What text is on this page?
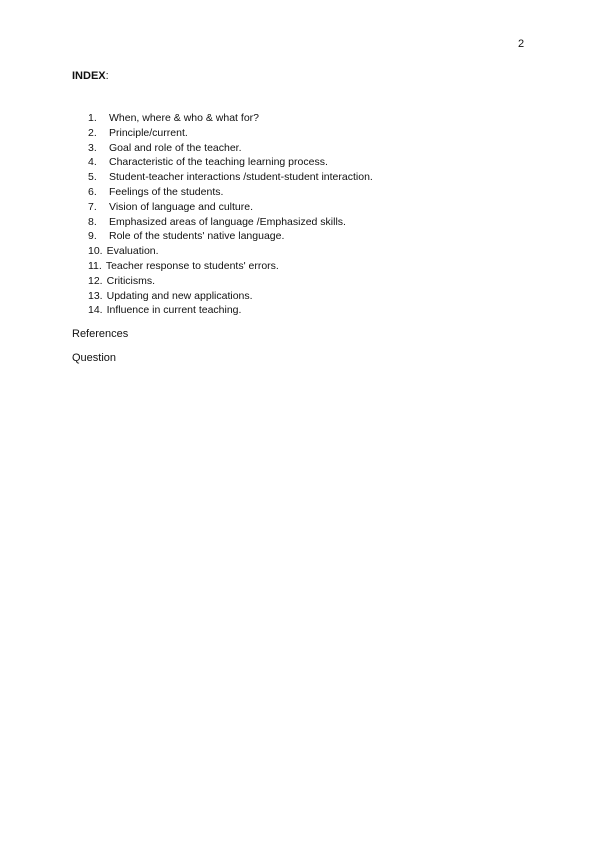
2
INDEX:
1.	When, where & who & what for?
2.	Principle/current.
3.	Goal and role of the teacher.
4.	Characteristic of the teaching learning process.
5.	Student-teacher interactions /student-student interaction.
6.	Feelings of the students.
7.	Vision of language and culture.
8.	Emphasized areas of language /Emphasized skills.
9.	Role of the students' native language.
10. Evaluation.
11. Teacher response to students' errors.
12. Criticisms.
13. Updating and new applications.
14. Influence in current teaching.
References
Question
